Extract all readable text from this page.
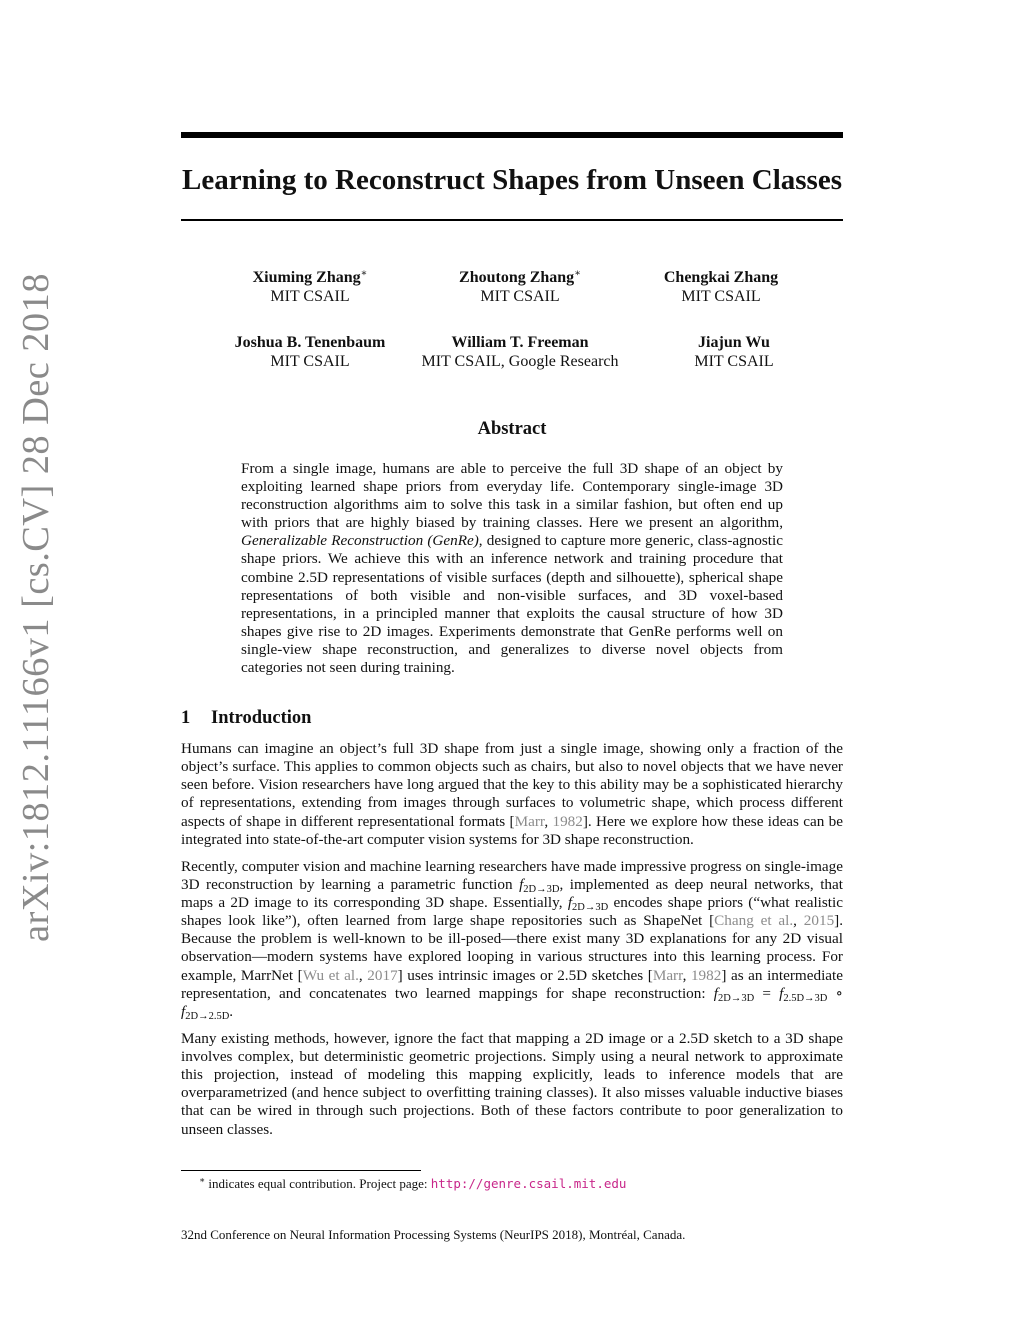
arXiv:1812.11166v1 [cs.CV] 28 Dec 2018
Learning to Reconstruct Shapes from Unseen Classes
Xiuming Zhang∗
MIT CSAIL
Zhoutong Zhang∗
MIT CSAIL
Chengkai Zhang
MIT CSAIL
Joshua B. Tenenbaum
MIT CSAIL
William T. Freeman
MIT CSAIL, Google Research
Jiajun Wu
MIT CSAIL
Abstract
From a single image, humans are able to perceive the full 3D shape of an object by exploiting learned shape priors from everyday life. Contemporary single-image 3D reconstruction algorithms aim to solve this task in a similar fashion, but often end up with priors that are highly biased by training classes. Here we present an algorithm, Generalizable Reconstruction (GenRe), designed to capture more generic, class-agnostic shape priors. We achieve this with an inference network and training procedure that combine 2.5D representations of visible surfaces (depth and silhouette), spherical shape representations of both visible and non-visible surfaces, and 3D voxel-based representations, in a principled manner that exploits the causal structure of how 3D shapes give rise to 2D images. Experiments demonstrate that GenRe performs well on single-view shape reconstruction, and generalizes to diverse novel objects from categories not seen during training.
1 Introduction

Humans can imagine an object’s full 3D shape from just a single image, showing only a fraction of the object’s surface. This applies to common objects such as chairs, but also to novel objects that we have never seen before. Vision researchers have long argued that the key to this ability may be a sophisticated hierarchy of representations, extending from images through surfaces to volumetric shape, which process different aspects of shape in different representational formats [Marr, 1982]. Here we explore how these ideas can be integrated into state-of-the-art computer vision systems for 3D shape reconstruction.

Recently, computer vision and machine learning researchers have made impressive progress on single-image 3D reconstruction by learning a parametric function $f_{2D\to 3D}$, implemented as deep neural networks, that maps a 2D image to its corresponding 3D shape. Essentially, $f_{2D\to 3D}$ encodes shape priors (“what realistic shapes look like”), often learned from large shape repositories such as ShapeNet [Chang et al., 2015]. Because the problem is well-known to be ill-posed—there exist many 3D explanations for any 2D visual observation—modern systems have explored looping in various structures into this learning process. For example, MarrNet [Wu et al., 2017] uses intrinsic images or 2.5D sketches [Marr, 1982] as an intermediate representation, and concatenates two learned mappings for shape reconstruction: $f_{2D\to 3D} = f_{2.5D\to 3D}$ ∘ $f_{2D\to 2.5D}$.

Many existing methods, however, ignore the fact that mapping a 2D image or a 2.5D sketch to a 3D shape involves complex, but deterministic geometric projections. Simply using a neural network to approximate this projection, instead of modeling this mapping explicitly, leads to inference models that are overparametrized (and hence subject to overfitting training classes). It also misses valuable inductive biases that can be wired in through such projections. Both of these factors contribute to poor generalization to unseen classes.

∗ indicates equal contribution. Project page: http://genre.csail.mit.edu
32nd Conference on Neural Information Processing Systems (NeurIPS 2018), Montréal, Canada.
